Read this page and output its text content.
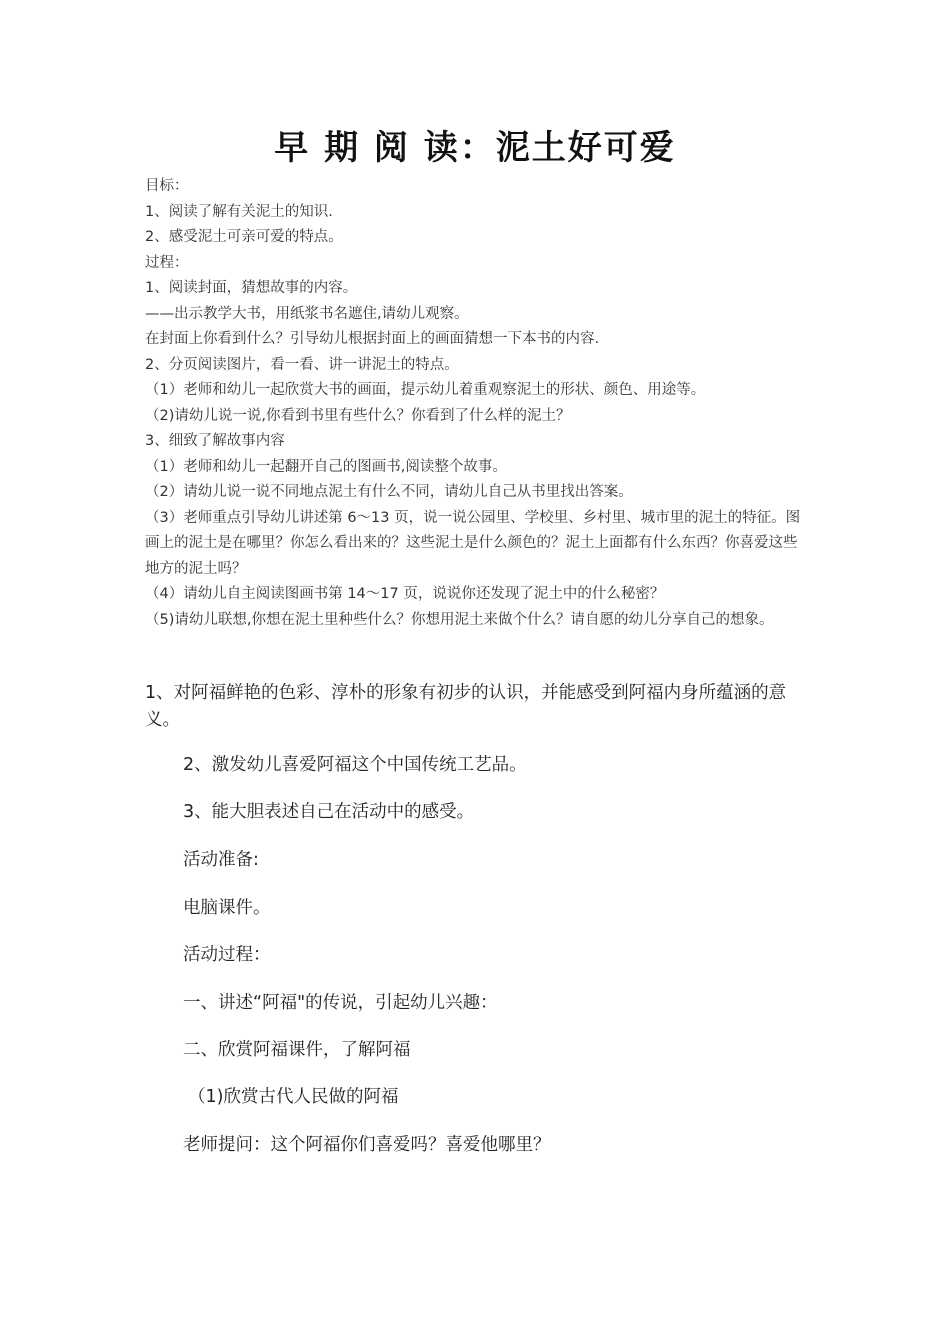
早 期 阅 读：泥土好可爱

目标：

1、阅读了解有关泥土的知识.

2、感受泥土可亲可爱的特点。

过程：

1、阅读封面，猜想故事的内容。

——出示教学大书，用纸浆书名遮住,请幼儿观察。

在封面上你看到什么？引导幼儿根据封面上的画面猜想一下本书的内容.

2、分页阅读图片，看一看、讲一讲泥土的特点。

（1）老师和幼儿一起欣赏大书的画面，提示幼儿着重观察泥土的形状、颜色、用途等。

（2)请幼儿说一说,你看到书里有些什么？你看到了什么样的泥土？

3、细致了解故事内容

（1）老师和幼儿一起翻开自己的图画书,阅读整个故事。

（2）请幼儿说一说不同地点泥土有什么不同，请幼儿自己从书里找出答案。

（3）老师重点引导幼儿讲述第 6～13 页，说一说公园里、学校里、乡村里、城市里的泥土的特征。图画上的泥土是在哪里？你怎么看出来的？这些泥土是什么颜色的？泥土上面都有什么东西？你喜爱这些地方的泥土吗？

（4）请幼儿自主阅读图画书第 14～17 页，说说你还发现了泥土中的什么秘密？

（5)请幼儿联想,你想在泥土里种些什么？你想用泥土来做个什么？请自愿的幼儿分享自己的想象。

1、对阿福鲜艳的色彩、淳朴的形象有初步的认识，并能感受到阿福内身所蕴涵的意义。

2、激发幼儿喜爱阿福这个中国传统工艺品。

3、能大胆表述自己在活动中的感受。

活动准备:

电脑课件。

活动过程：

一、讲述“阿福"的传说，引起幼儿兴趣：

二、欣赏阿福课件，了解阿福

（1)欣赏古代人民做的阿福

老师提问：这个阿福你们喜爱吗？喜爱他哪里？
